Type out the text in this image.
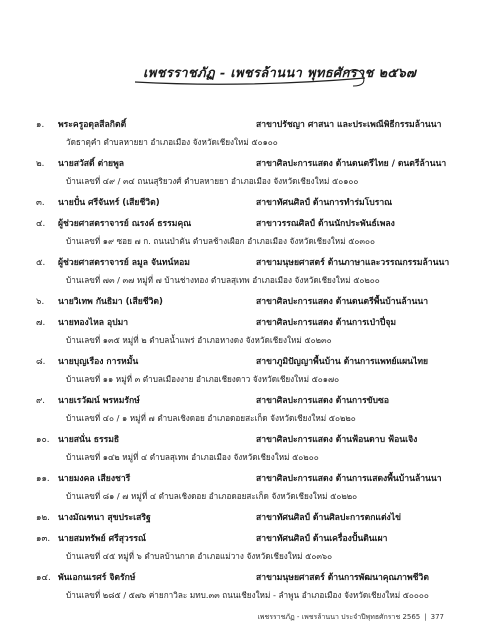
เพชรราชภัฏ - เพชรล้านนา พุทธศักราช ๒๕๖๗
๑.	พระครูอดุลสีลกิตติ์	สาขาปรัชญา ศาสนา และประเพณีพิธีกรรมล้านนา
วัดธาตุคำ ตำบลหายยา อำเภอเมือง จังหวัดเชียงใหม่ ๕๐๑๐๐
๒.	นายสวัสดิ์ ต่ายพูล	สาขาศิลปะการแสดง ด้านดนตรีไทย / ดนตรีล้านนา
บ้านเลขที่ ๔๙ / ๓๔ ถนนสุริยวงศ์ ตำบลหายยา อำเภอเมือง จังหวัดเชียงใหม่ ๕๐๑๐๐
๓.	นายปั๋น ศรีจันทร์ (เสียชีวิต)	สาขาทัศนศิลป์ ด้านการทำร่มโบราณ
๔.	ผู้ช่วยศาสตราจารย์ ณรงค์ ธรรมคุณ	สาขาวรรณศิลป์ ด้านนักประพันธ์เพลง
บ้านเลขที่ ๑๙ ซอย ๗ ก. ถนนป่าตัน ตำบลช้างเผือก อำเภอเมือง จังหวัดเชียงใหม่ ๕๐๓๐๐
๕.	ผู้ช่วยศาสตราจารย์ ลมูล จันทน์หอม	สาขามนุษยศาสตร์ ด้านภาษาและวรรณกรรมล้านนา
บ้านเลขที่ ๗๓ / ๓๗ หมู่ที่ ๗ บ้านช่างทอง ตำบลสุเทพ อำเภอเมือง จังหวัดเชียงใหม่ ๕๐๒๐๐
๖.	นายวิเทพ กันธิมา (เสียชีวิต)	สาขาศิลปะการแสดง ด้านดนตรีพื้นบ้านล้านนา
๗.	นายทองไหล อุปมา	สาขาศิลปะการแสดง ด้านการเป่าปี่จุม
บ้านเลขที่ ๑๓๕ หมู่ที่ ๒ ตำบลน้ำแพร่ อำเภอหางดง จังหวัดเชียงใหม่ ๕๐๒๓๐
๘.	นายบุญเรือง การหมั้น	สาขาภูมิปัญญาพื้นบ้าน ด้านการแพทย์แผนไทย
บ้านเลขที่ ๑๑ หมู่ที่ ๓ ตำบลเมืองงาย อำเภอเชียงดาว จังหวัดเชียงใหม่ ๕๐๑๗๐
๙.	นายเรวัฒน์ พรหมรักษ์	สาขาศิลปะการแสดง ด้านการขับซอ
บ้านเลขที่ ๔๐ / ๑ หมู่ที่ ๗ ตำบลเชิงดอย อำเภอดอยสะเก็ด จังหวัดเชียงใหม่ ๕๐๒๒๐
๑๐. นายสนั่น ธรรมธิ	สาขาศิลปะการแสดง ด้านฟ้อนดาบ ฟ้อนเจิง
บ้านเลขที่ ๑๔๒ หมู่ที่ ๔ ตำบลสุเทพ อำเภอเมือง จังหวัดเชียงใหม่ ๕๐๒๐๐
๑๑. นายมงคล เสียงชารี	สาขาศิลปะการแสดง ด้านการแสดงพื้นบ้านล้านนา
บ้านเลขที่ ๘๑ / ๗ หมู่ที่ ๔ ตำบลเชิงดอย อำเภอดอยสะเก็ด จังหวัดเชียงใหม่ ๕๐๒๒๐
๑๒. นางมัณฑนา สุขประเสริฐ	สาขาทัศนศิลป์ ด้านศิลปะการตกแต่งไข่
๑๓. นายสมทรัพย์ ศรีสุวรรณ์	สาขาทัศนศิลป์ ด้านเครื่องปั้นดินเผา
บ้านเลขที่ ๔๕ หมู่ที่ ๖ ตำบลบ้านกาด อำเภอแม่วาง จังหวัดเชียงใหม่ ๕๐๓๖๐
๑๔. พันเอกนเรศร์ จิตรักษ์	สาขามนุษยศาสตร์ ด้านการพัฒนาคุณภาพชีวิต
บ้านเลขที่ ๒๘๕ / ๕๗๖ ค่ายกาวิละ มทบ.๓๓ ถนนเชียงใหม่ - ลำพูน อำเภอเมือง จังหวัดเชียงใหม่ ๕๐๐๐๐
เพชรราชภัฏ - เพชรล้านนา ประจำปีพุทธศักราช 2565 | 377
